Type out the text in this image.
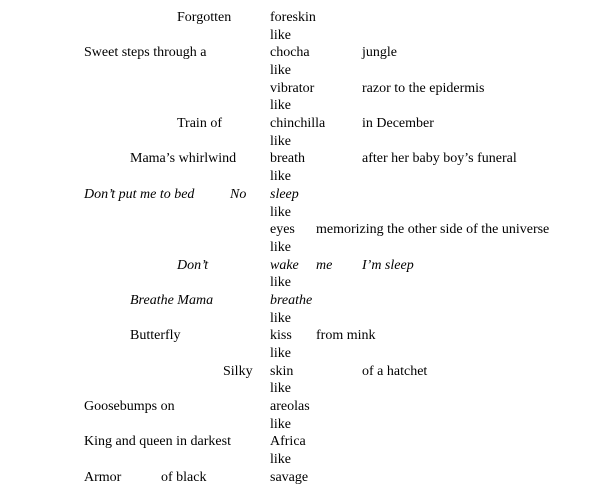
Forgotten	foreskin
like
Sweet steps through a	chocha	jungle
like
vibrator	razor to the epidermis
like
Train of	chinchilla	in December
like
Mama’s whirlwind breath	after her baby boy’s funeral
like
Don’t put me to bed	No sleep
like
eyes memorizing the other side of the universe
like
Don’t	wake me I’m sleep
like
Breathe Mama	breathe
like
Butterfly	kiss from mink
like
Silky skin	of a hatchet
like
Goosebumps on	areolas
like
King and queen in darkest	Africa
like
Armor	of black	savage
